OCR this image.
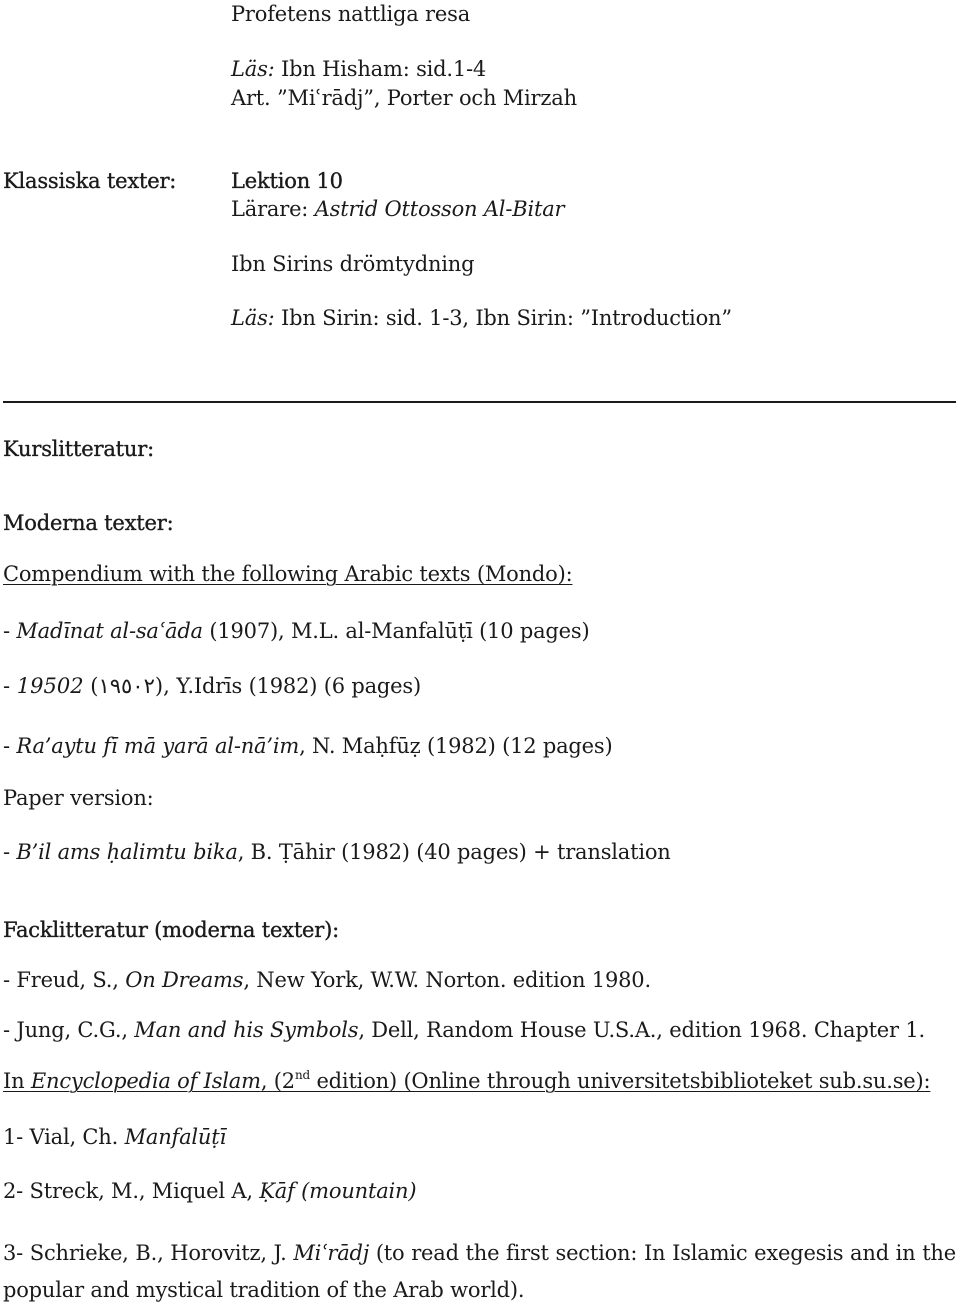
Profetens nattliga resa
Läs: Ibn Hisham: sid.1-4
Art. ”Miʿrādj”, Porter och Mirzah
Klassiska texter:	Lektion 10
Lärare: Astrid Ottosson Al-Bitar
Ibn Sirins drömtydning
Läs: Ibn Sirin: sid. 1-3, Ibn Sirin: ”Introduction”
Kurslitteratur:
Moderna texter:
Compendium with the following Arabic texts (Mondo):
- Madīnat al-saʿāda (1907), M.L. al-Manfalūṭī (10 pages)
- 19502 (١٩٥٠٢), Y.Idrīs (1982) (6 pages)
- Ra’aytu fī mā yarā al-nā’im, N. Maḥfūẓ (1982) (12 pages)
Paper version:
- B’il ams ḥalimtu bika, B. Ṭāhir (1982) (40 pages) + translation
Facklitteratur (moderna texter):
- Freud, S., On Dreams, New York, W.W. Norton. edition 1980.
- Jung, C.G., Man and his Symbols, Dell, Random House U.S.A., edition 1968. Chapter 1.
In Encyclopedia of Islam, (2nd edition) (Online through universitetsbiblioteket sub.su.se):
1- Vial, Ch. Manfalūṭī
2- Streck, M., Miquel A, Ḳāf (mountain)
3- Schrieke, B., Horovitz, J. Miʿrādj (to read the first section: In Islamic exegesis and in the popular and mystical tradition of the Arab world).
